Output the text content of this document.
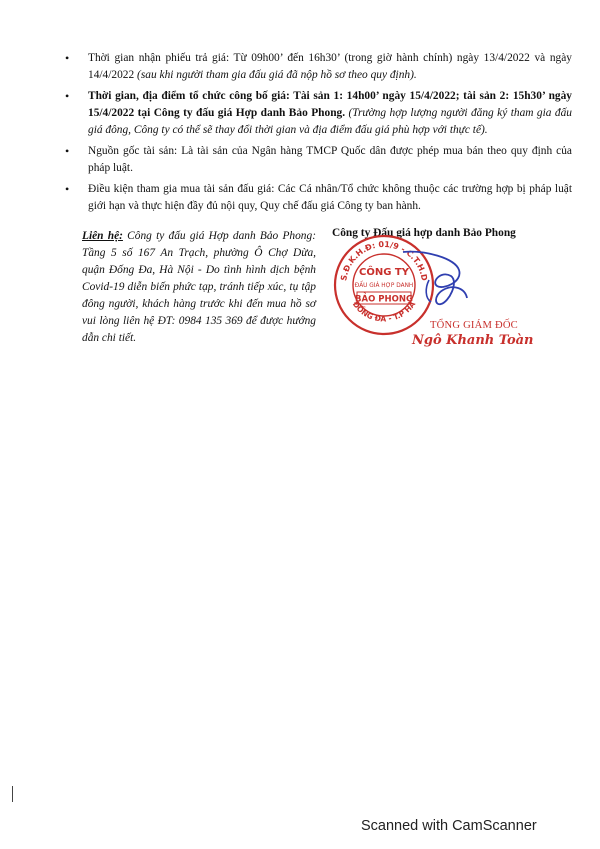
• Thời gian nhận phiếu trả giá: Từ 09h00’ đến 16h30’ (trong giờ hành chính) ngày 13/4/2022 và ngày 14/4/2022 (sau khi người tham gia đấu giá đã nộp hồ sơ theo quy định).
• Thời gian, địa điểm tổ chức công bố giá: Tài sản 1: 14h00’ ngày 15/4/2022; tài sản 2: 15h30’ ngày 15/4/2022 tại Công ty đấu giá Hợp danh Bảo Phong. (Trường hợp lượng người đăng ký tham gia đấu giá đông, Công ty có thể sẽ thay đổi thời gian và địa điểm đấu giá phù hợp với thực tế).
• Nguồn gốc tài sản: Là tài sản của Ngân hàng TMCP Quốc dân được phép mua bán theo quy định của pháp luật.
• Điều kiện tham gia mua tài sản đấu giá: Các Cá nhân/Tổ chức không thuộc các trường hợp bị pháp luật giới hạn và thực hiện đầy đủ nội quy, Quy chế đấu giá Công ty ban hành.
Liên hệ: Công ty đấu giá Hợp danh Bảo Phong: Tầng 5 số 167 An Trạch, phường Ô Chợ Dừa, quận Đống Đa, Hà Nội - Do tình hình dịch bệnh Covid-19 diễn biến phức tạp, tránh tiếp xúc, tụ tập đông người, khách hàng trước khi đến mua hồ sơ vui lòng liên hệ ĐT: 0984 135 369 để được hướng dẫn chi tiết.
Công ty Đấu giá hợp danh Bảo Phong
S.Đ.K.H.Đ: 01/9 - C.T.H.D
ĐỐNG ĐA - T.P HÀ
CÔNG TY
ĐẤU GIÁ HỢP DANH
BẢO PHONG
TỔNG GIÁM ĐỐC
Ngô Khanh Toàn
Scanned with CamScanner
